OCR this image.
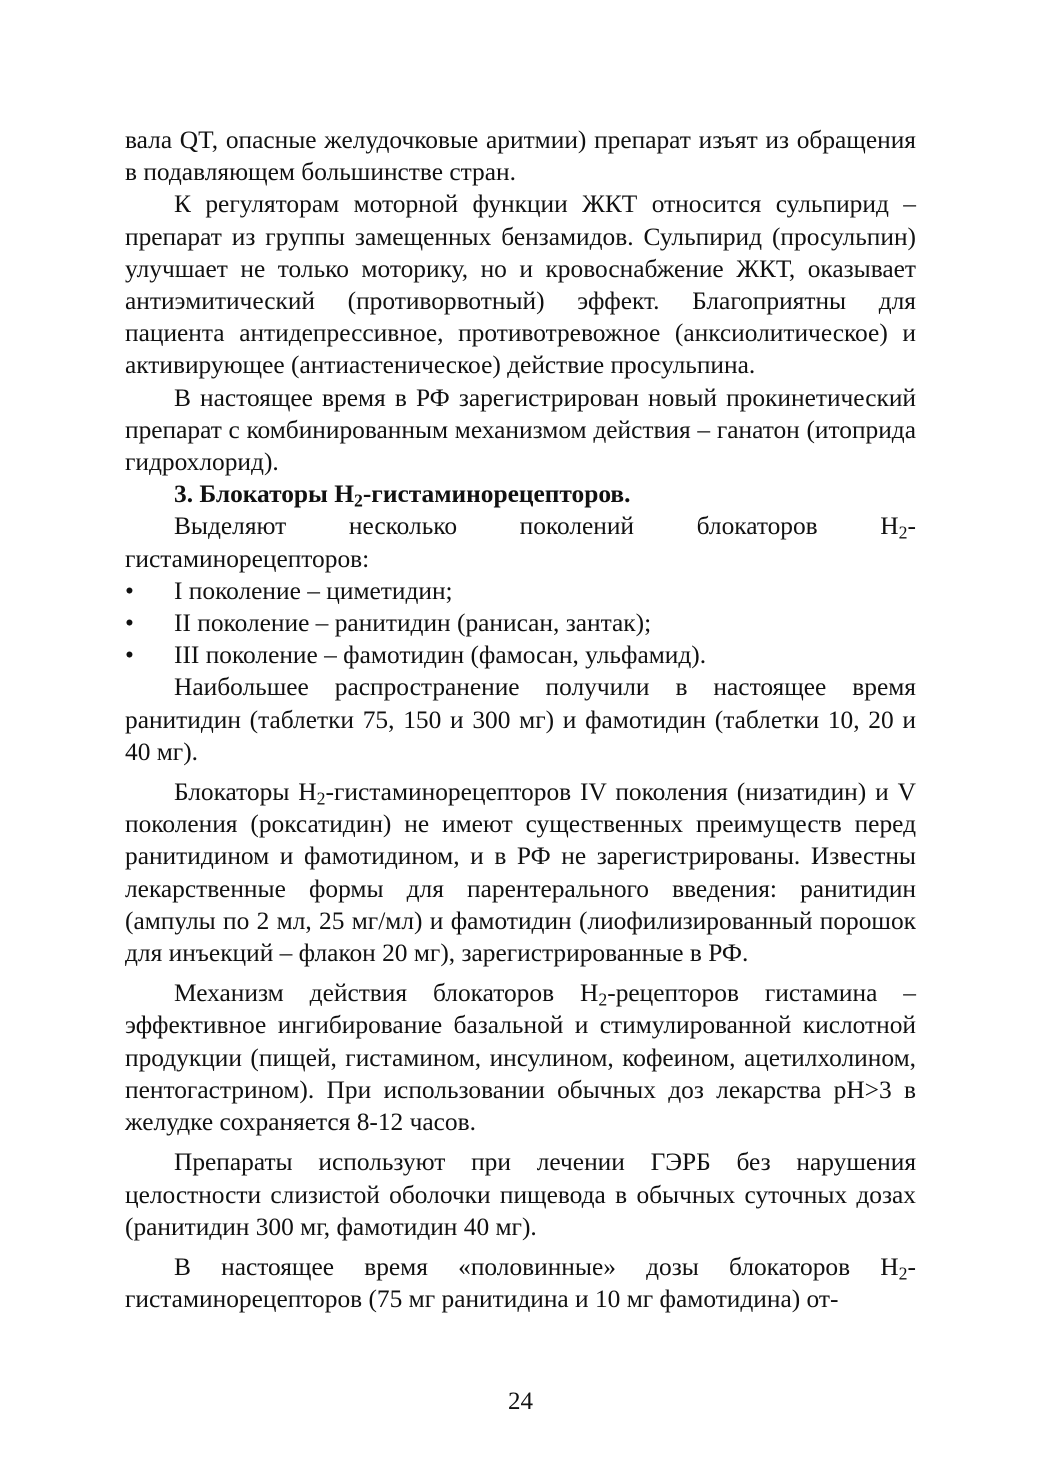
вала QT, опасные желудочковые аритмии) препарат изъят из обращения в подавляющем большинстве стран.

К регуляторам моторной функции ЖКТ относится сульпирид – препарат из группы замещенных бензамидов. Сульпирид (просульпин) улучшает не только моторику, но и кровоснабжение ЖКТ, оказывает антиэмитический (противорвотный) эффект. Благоприятны для пациента антидепрессивное, противотревожное (анксиолитическое) и активирующее (антиастеническое) действие просульпина.

В настоящее время в РФ зарегистрирован новый прокинетический препарат с комбинированным механизмом действия – ганатон (итоприда гидрохлорид).

3. Блокаторы $Н_2$-гистаминорецепторов.

Выделяют несколько поколений блокаторов $Н_2-$

гистаминорецепторов:

• I поколение – циметидин;
• II поколение – ранитидин (ранисан, зантак);
• III поколение – фамотидин (фамосан, ульфамид).

Наибольшее распространение получили в настоящее время ранитидин (таблетки 75, 150 и 300 мг) и фамотидин (таблетки 10, 20 и 40 мг).

Блокаторы $Н_2$-гистаминорецепторов IV поколения (низатидин) и V поколения (роксатидин) не имеют существенных преимуществ перед ранитидином и фамотидином, и в РФ не зарегистрированы. Известны лекарственные формы для парентерального введения: ранитидин (ампулы по 2 мл, 25 мг/мл) и фамотидин (лиофилизированный порошок для инъекций – флакон 20 мг), зарегистрированные в РФ.

Механизм действия блокаторов $Н_2$-рецепторов гистамина – эффективное ингибирование базальной и стимулированной кислотной продукции (пищей, гистамином, инсулином, кофеином, ацетилхолином, пентогастрином). При использовании обычных доз лекарства рН>3 в желудке сохраняется 8-12 часов.

Препараты используют при лечении ГЭРБ без нарушения целостности слизистой оболочки пищевода в обычных суточных дозах (ранитидин 300 мг, фамотидин 40 мг).

В настоящее время «половинные» дозы блокаторов $Н_2-$

гистаминорецепторов (75 мг ранитидина и 10 мг фамотидина) от-

24
